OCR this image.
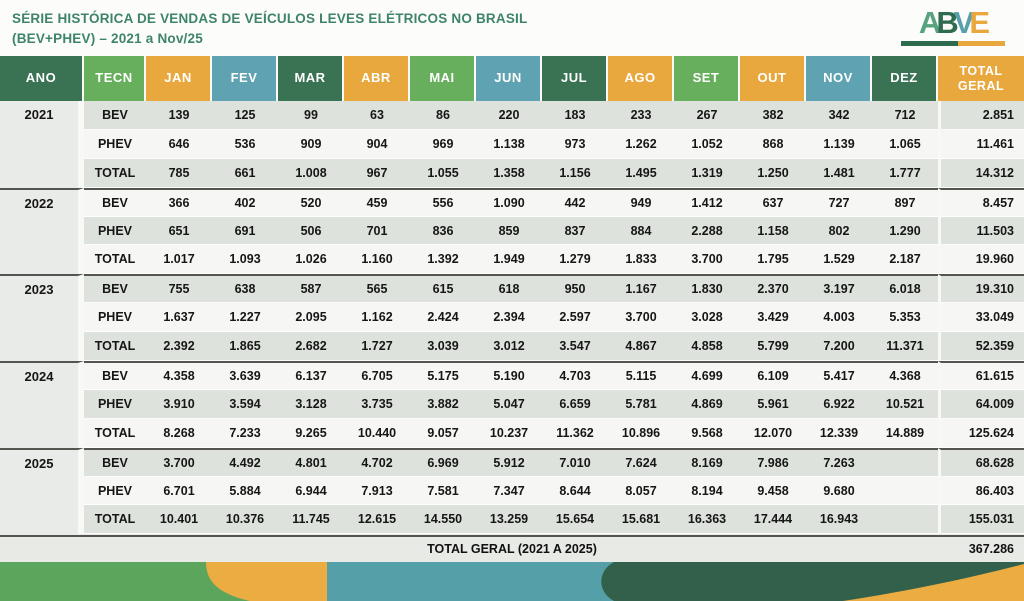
SÉRIE HISTÓRICA DE VENDAS DE VEÍCULOS LEVES ELÉTRICOS NO BRASIL
(BEV+PHEV) – 2021 a Nov/25	ABVE
ANO	TECN	JAN	FEV	MAR	ABR	MAI	JUN	JUL	AGO	SET	OUT	NOV	DEZ	TOTAL GERAL
2021	BEV	139	125	99	63	86	220	183	233	267	382	342	712	2.851
	PHEV	646	536	909	904	969	1.138	973	1.262	1.052	868	1.139	1.065	11.461
	TOTAL	785	661	1.008	967	1.055	1.358	1.156	1.495	1.319	1.250	1.481	1.777	14.312
2022	BEV	366	402	520	459	556	1.090	442	949	1.412	637	727	897	8.457
	PHEV	651	691	506	701	836	859	837	884	2.288	1.158	802	1.290	11.503
	TOTAL	1.017	1.093	1.026	1.160	1.392	1.949	1.279	1.833	3.700	1.795	1.529	2.187	19.960
2023	BEV	755	638	587	565	615	618	950	1.167	1.830	2.370	3.197	6.018	19.310
	PHEV	1.637	1.227	2.095	1.162	2.424	2.394	2.597	3.700	3.028	3.429	4.003	5.353	33.049
	TOTAL	2.392	1.865	2.682	1.727	3.039	3.012	3.547	4.867	4.858	5.799	7.200	11.371	52.359
2024	BEV	4.358	3.639	6.137	6.705	5.175	5.190	4.703	5.115	4.699	6.109	5.417	4.368	61.615
	PHEV	3.910	3.594	3.128	3.735	3.882	5.047	6.659	5.781	4.869	5.961	6.922	10.521	64.009
	TOTAL	8.268	7.233	9.265	10.440	9.057	10.237	11.362	10.896	9.568	12.070	12.339	14.889	125.624
2025	BEV	3.700	4.492	4.801	4.702	6.969	5.912	7.010	7.624	8.169	7.986	7.263		68.628
	PHEV	6.701	5.884	6.944	7.913	7.581	7.347	8.644	8.057	8.194	9.458	9.680		86.403
	TOTAL	10.401	10.376	11.745	12.615	14.550	13.259	15.654	15.681	16.363	17.444	16.943		155.031
TOTAL GERAL (2021 A 2025)	367.286
